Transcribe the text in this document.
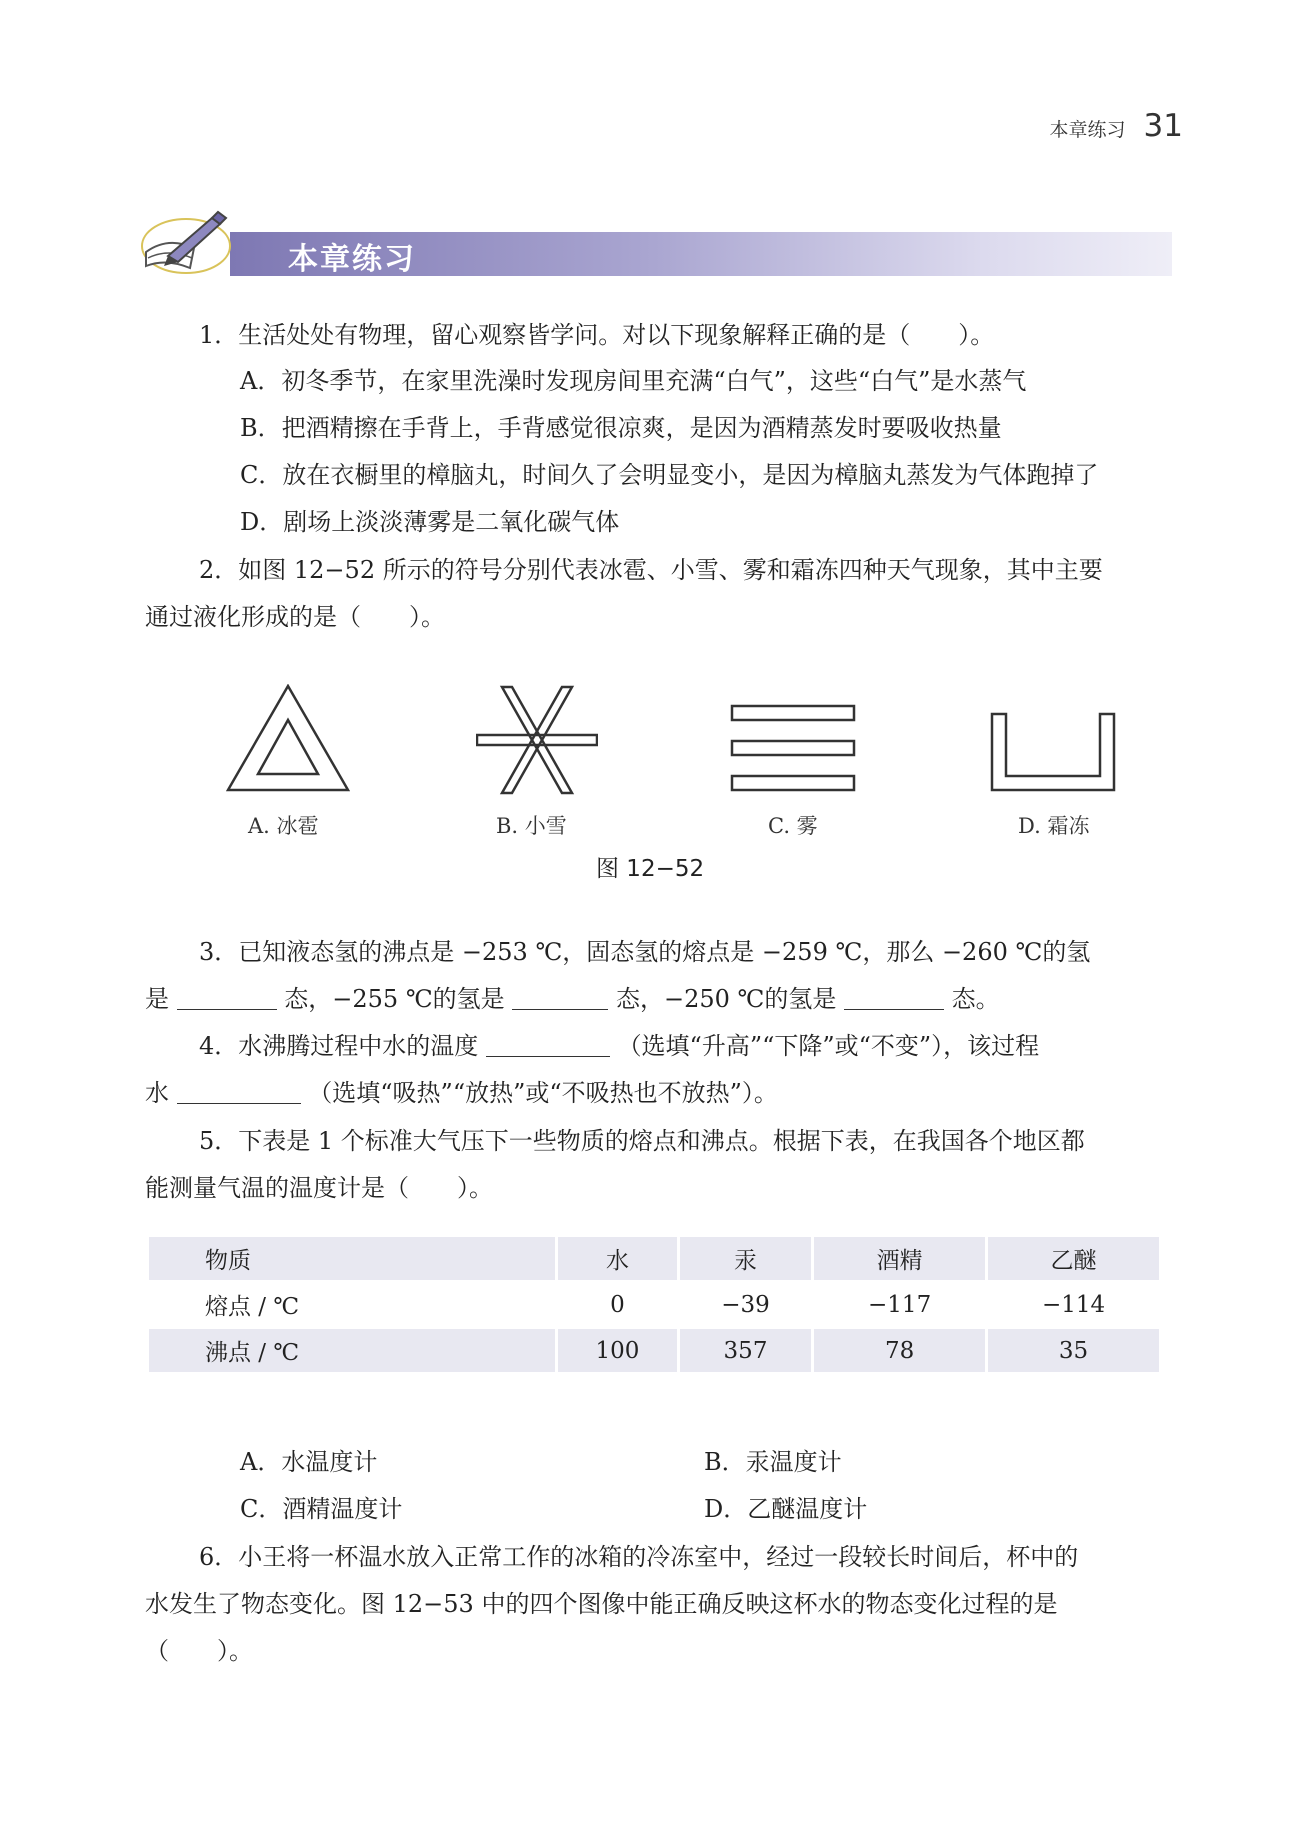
本章练习 31
本章练习
1．生活处处有物理，留心观察皆学问。对以下现象解释正确的是（　　）。
A．初冬季节，在家里洗澡时发现房间里充满“白气”，这些“白气”是水蒸气
B．把酒精擦在手背上，手背感觉很凉爽，是因为酒精蒸发时要吸收热量
C．放在衣橱里的樟脑丸，时间久了会明显变小，是因为樟脑丸蒸发为气体跑掉了
D．剧场上淡淡薄雾是二氧化碳气体
2．如图 12−52 所示的符号分别代表冰雹、小雪、雾和霜冻四种天气现象，其中主要
通过液化形成的是（　　）。
A. 冰雹	B. 小雪	C. 雾	D. 霜冻
图 12−52
3．已知液态氢的沸点是 −253 ℃，固态氢的熔点是 −259 ℃，那么 −260 ℃的氢
是	态，−255 ℃的氢是	态，−250 ℃的氢是	态。
4．水沸腾过程中水的温度	（选填“升高”“下降”或“不变”），该过程
水	（选填“吸热”“放热”或“不吸热也不放热”）。
5．下表是 1 个标准大气压下一些物质的熔点和沸点。根据下表，在我国各个地区都
能测量气温的温度计是（　　）。
物质	水	汞	酒精	乙醚
熔点 / ℃	0	−39	−117	−114
沸点 / ℃	100	357	78	35
A．水温度计	B．汞温度计
C．酒精温度计	D．乙醚温度计
6．小王将一杯温水放入正常工作的冰箱的冷冻室中，经过一段较长时间后，杯中的
水发生了物态变化。图 12−53 中的四个图像中能正确反映这杯水的物态变化过程的是
（　　）。
